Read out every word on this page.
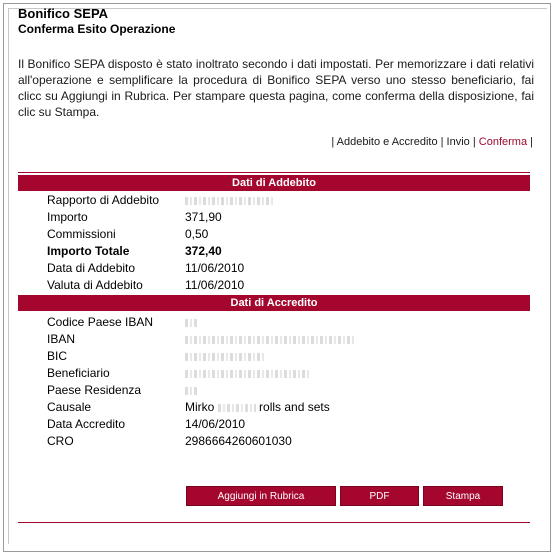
Bonifico SEPA
Conferma Esito Operazione
Il Bonifico SEPA disposto è stato inoltrato secondo i dati impostati. Per memorizzare i dati relativi all'operazione e semplificare la procedura di Bonifico SEPA verso uno stesso beneficiario, fai clicc su Aggiungi in Rubrica. Per stampare questa pagina, come conferma della disposizione, fai clic su Stampa.
| Addebito e Accredito | Invio | Conferma |
Dati di Addebito
Rapporto di Addebito
Importo	371,90
Commissioni	0,50
Importo Totale	372,40
Data di Addebito	11/06/2010
Valuta di Addebito	11/06/2010
Dati di Accredito
Codice Paese IBAN
IBAN
BIC
Beneficiario
Paese Residenza
Causale	Mirko	rolls and sets
Data Accredito	14/06/2010
CRO	2986664260601030
Aggiungi in Rubrica	PDF	Stampa
